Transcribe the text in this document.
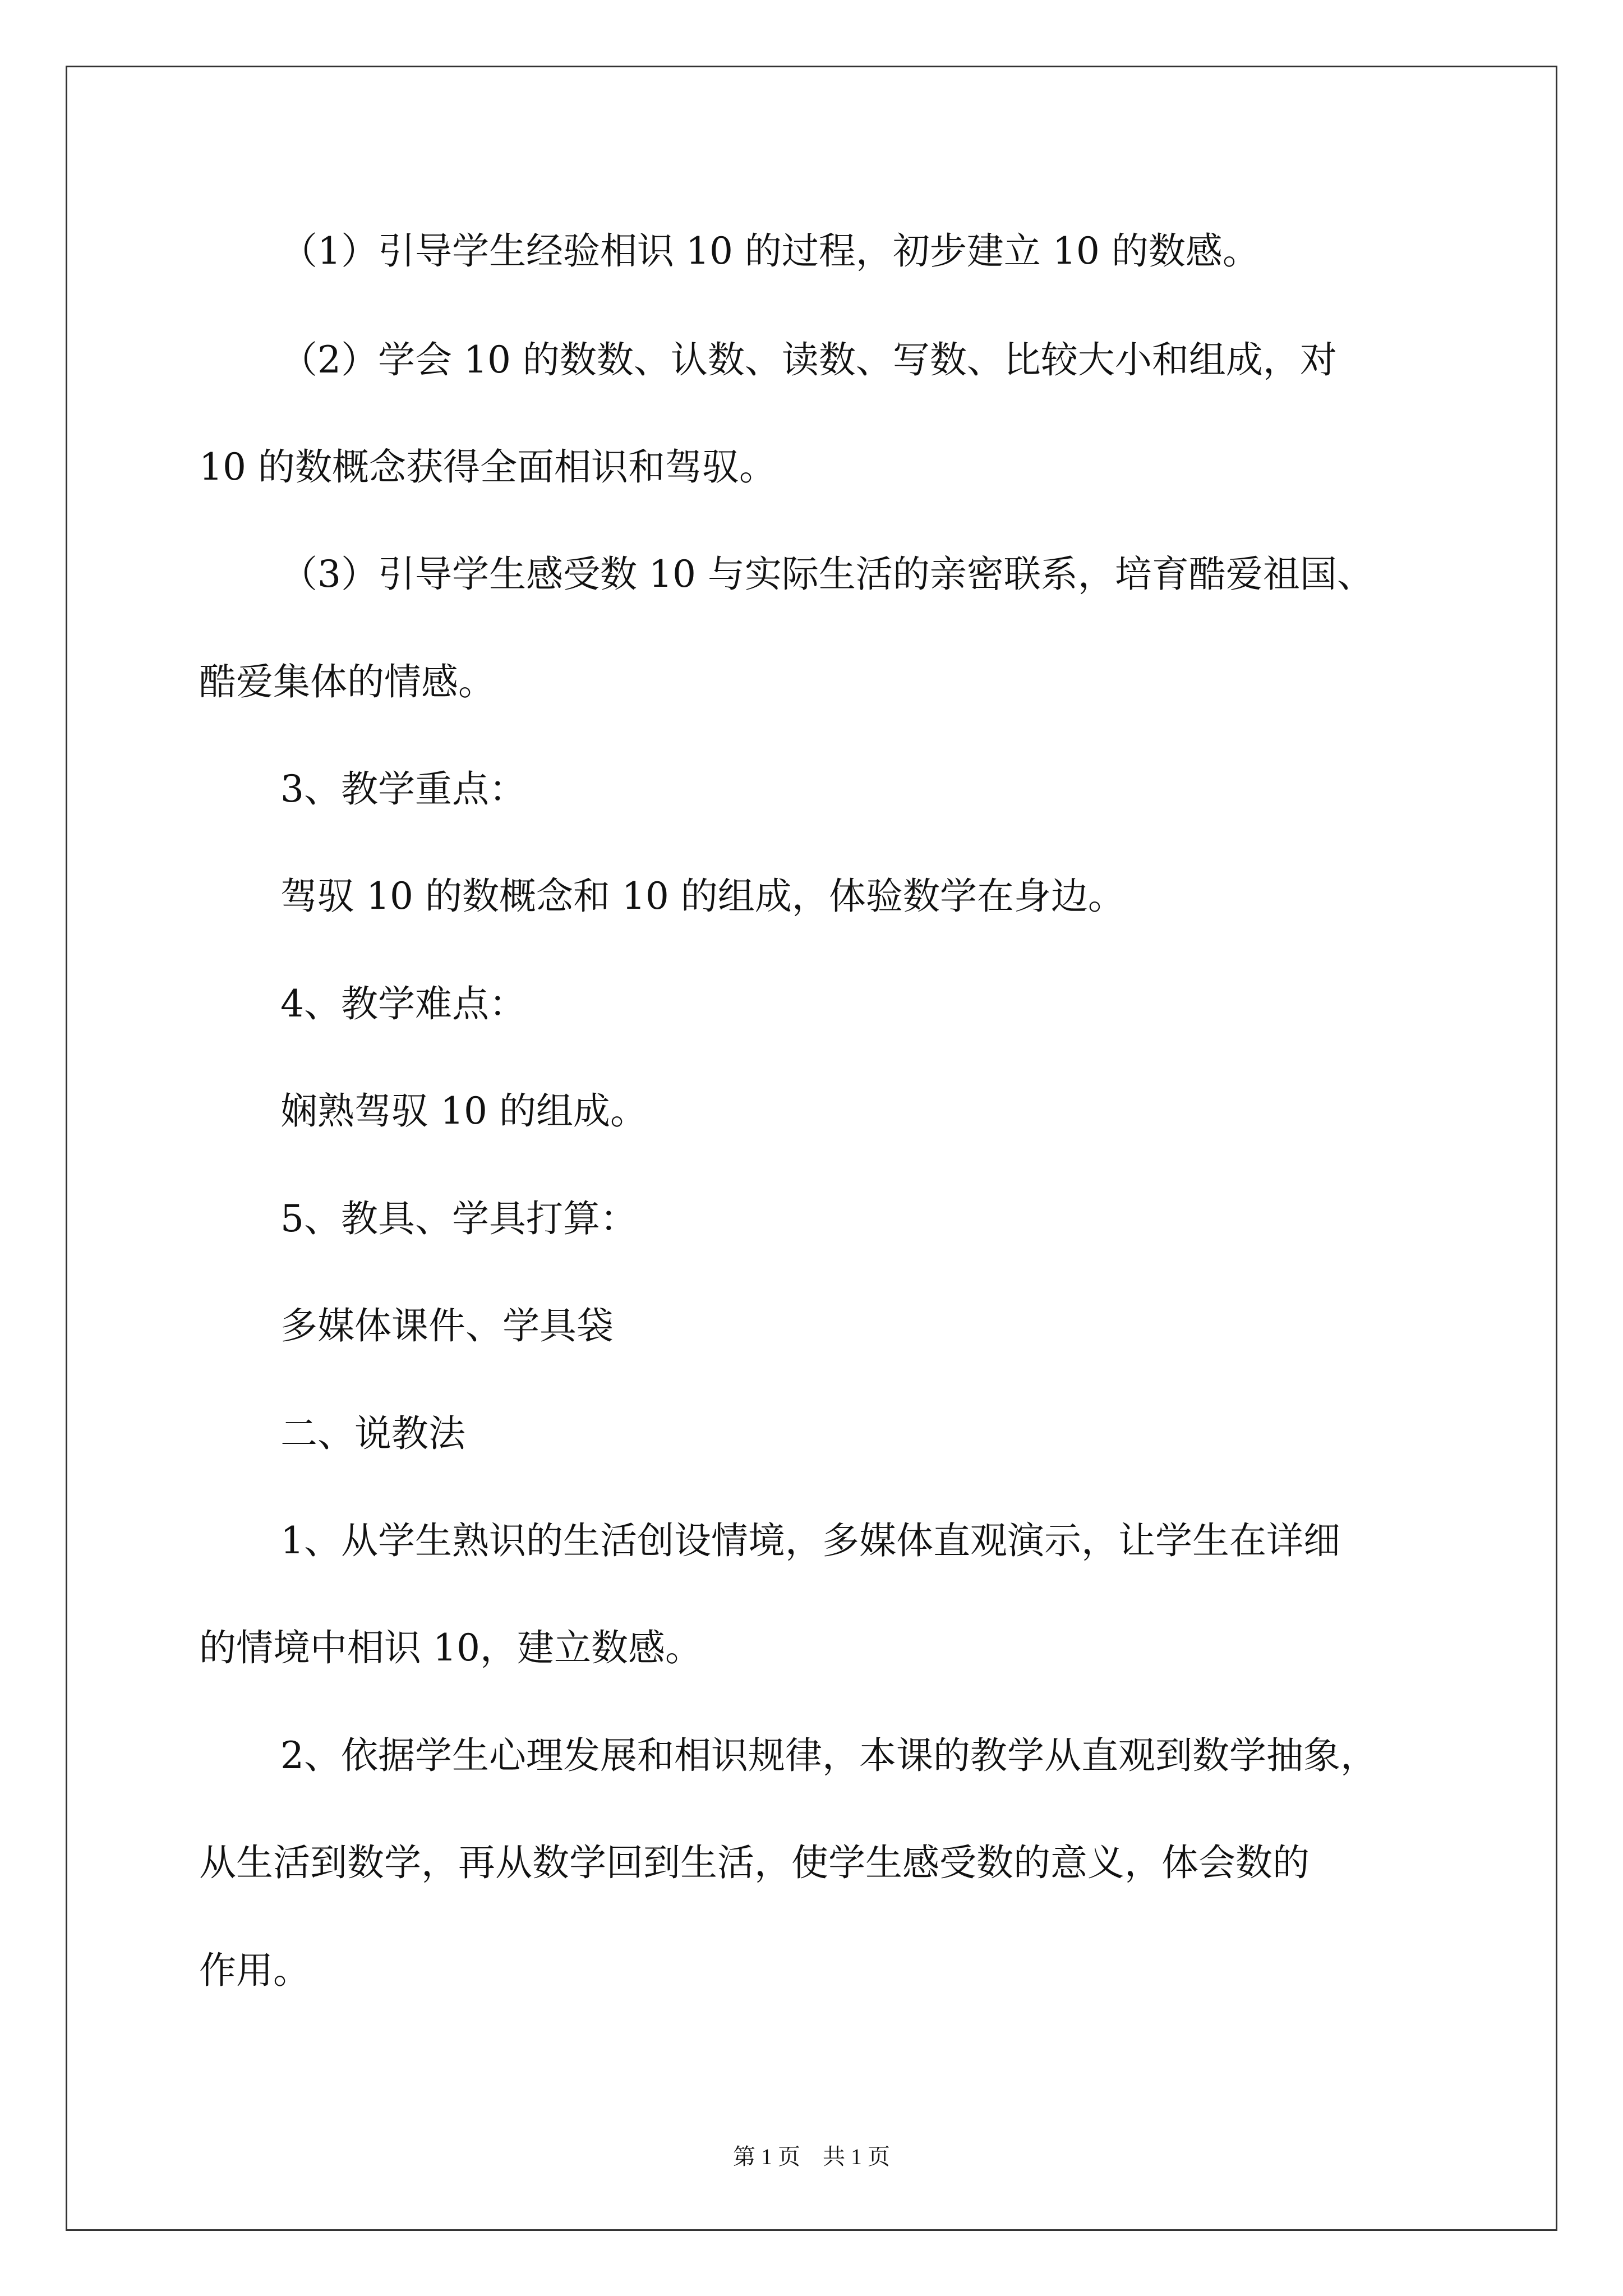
（1）引导学生经验相识 10 的过程，初步建立 10 的数感。
（2）学会 10 的数数、认数、读数、写数、比较大小和组成，对
10 的数概念获得全面相识和驾驭。
（3）引导学生感受数 10 与实际生活的亲密联系，培育酷爱祖国、
酷爱集体的情感。
3、教学重点：
驾驭 10 的数概念和 10 的组成，体验数学在身边。
4、教学难点：
娴熟驾驭 10 的组成。
5、教具、学具打算：
多媒体课件、学具袋
二、说教法
1、从学生熟识的生活创设情境，多媒体直观演示，让学生在详细
的情境中相识 10，建立数感。
2、依据学生心理发展和相识规律，本课的教学从直观到数学抽象，
从生活到数学，再从数学回到生活，使学生感受数的意义，体会数的
作用。
第 1 页　共 1 页
